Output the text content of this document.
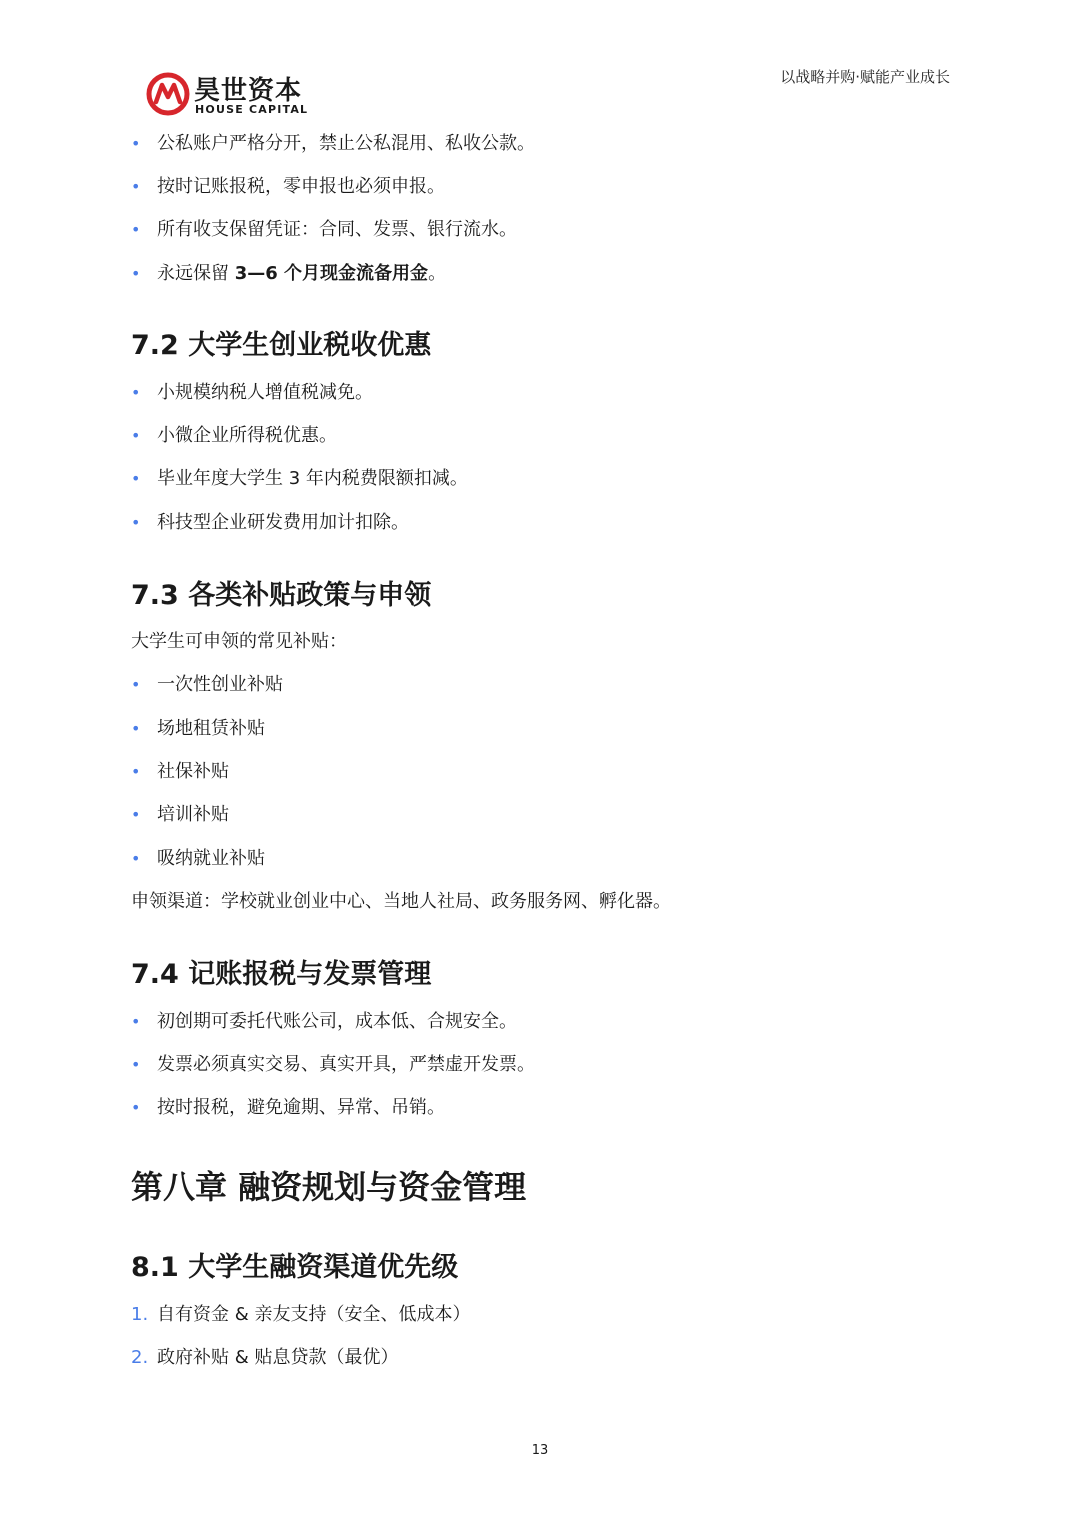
昊世资本
HOUSE CAPITAL
以战略并购·赋能产业成长
• 公私账户严格分开，禁止公私混用、私收公款。
• 按时记账报税，零申报也必须申报。
• 所有收支保留凭证：合同、发票、银行流水。
• 永远保留 3—6 个月现金流备用金。
7.2 大学生创业税收优惠
• 小规模纳税人增值税减免。
• 小微企业所得税优惠。
• 毕业年度大学生 3 年内税费限额扣减。
• 科技型企业研发费用加计扣除。
7.3 各类补贴政策与申领

大学生可申领的常见补贴：

• 一次性创业补贴
• 场地租赁补贴
• 社保补贴
• 培训补贴
• 吸纳就业补贴

申领渠道：学校就业创业中心、当地人社局、政务服务网、孵化器。

7.4 记账报税与发票管理
• 初创期可委托代账公司，成本低、合规安全。
• 发票必须真实交易、真实开具，严禁虚开发票。
• 按时报税，避免逾期、异常、吊销。
第八章 融资规划与资金管理
8.1 大学生融资渠道优先级
1. 自有资金 & 亲友支持（安全、低成本）
2. 政府补贴 & 贴息贷款（最优）
13
